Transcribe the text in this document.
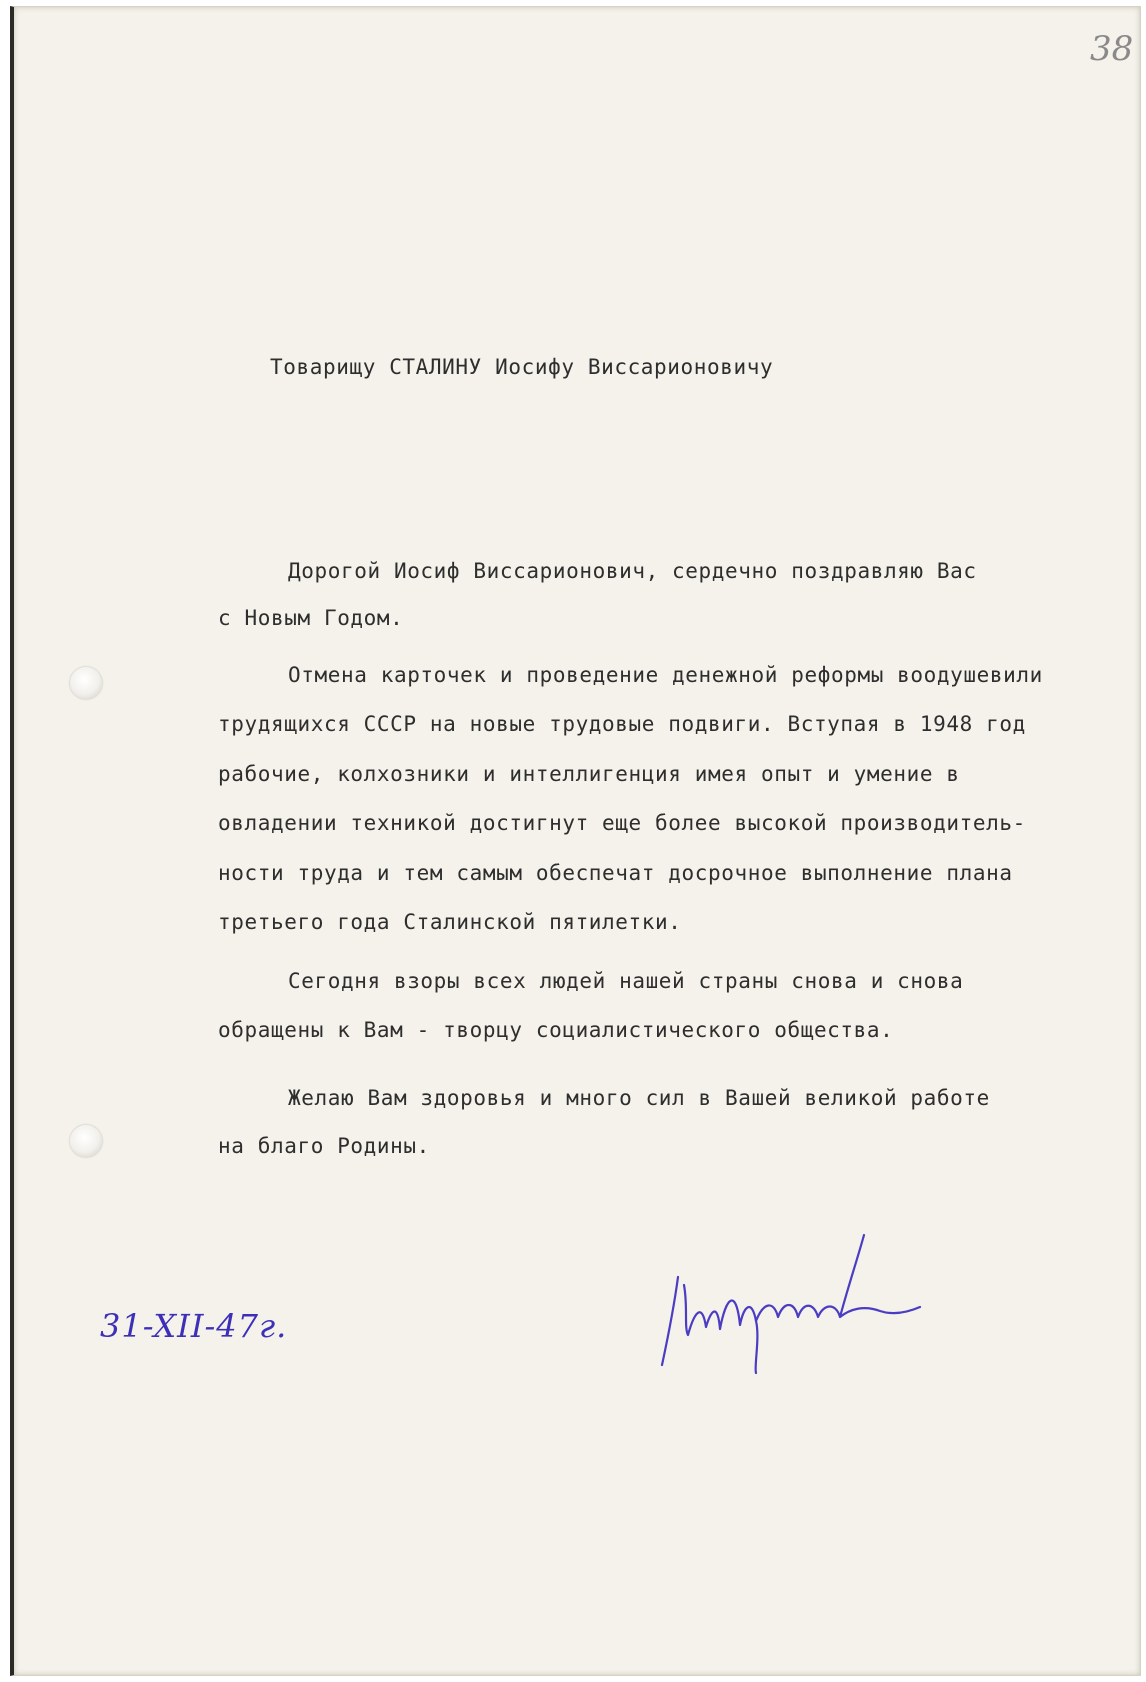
38
Товарищу СТАЛИНУ Иосифу Виссарионовичу
Дорогой Иосиф Виссарионович, сердечно поздравляю Вас
с Новым Годом.
Отмена карточек и проведение денежной реформы воодушевили
трудящихся СССР на новые трудовые подвиги. Вступая в 1948 год
рабочие, колхозники и интеллигенция имея опыт и умение в
овладении техникой достигнут еще более высокой производитель-
ности труда и тем самым обеспечат досрочное выполнение плана
третьего года Сталинской пятилетки.
Сегодня взоры всех людей нашей страны снова и снова
обращены к Вам - творцу социалистического общества.
Желаю Вам здоровья и много сил в Вашей великой работе
на благо Родины.
31-XII-47г.
